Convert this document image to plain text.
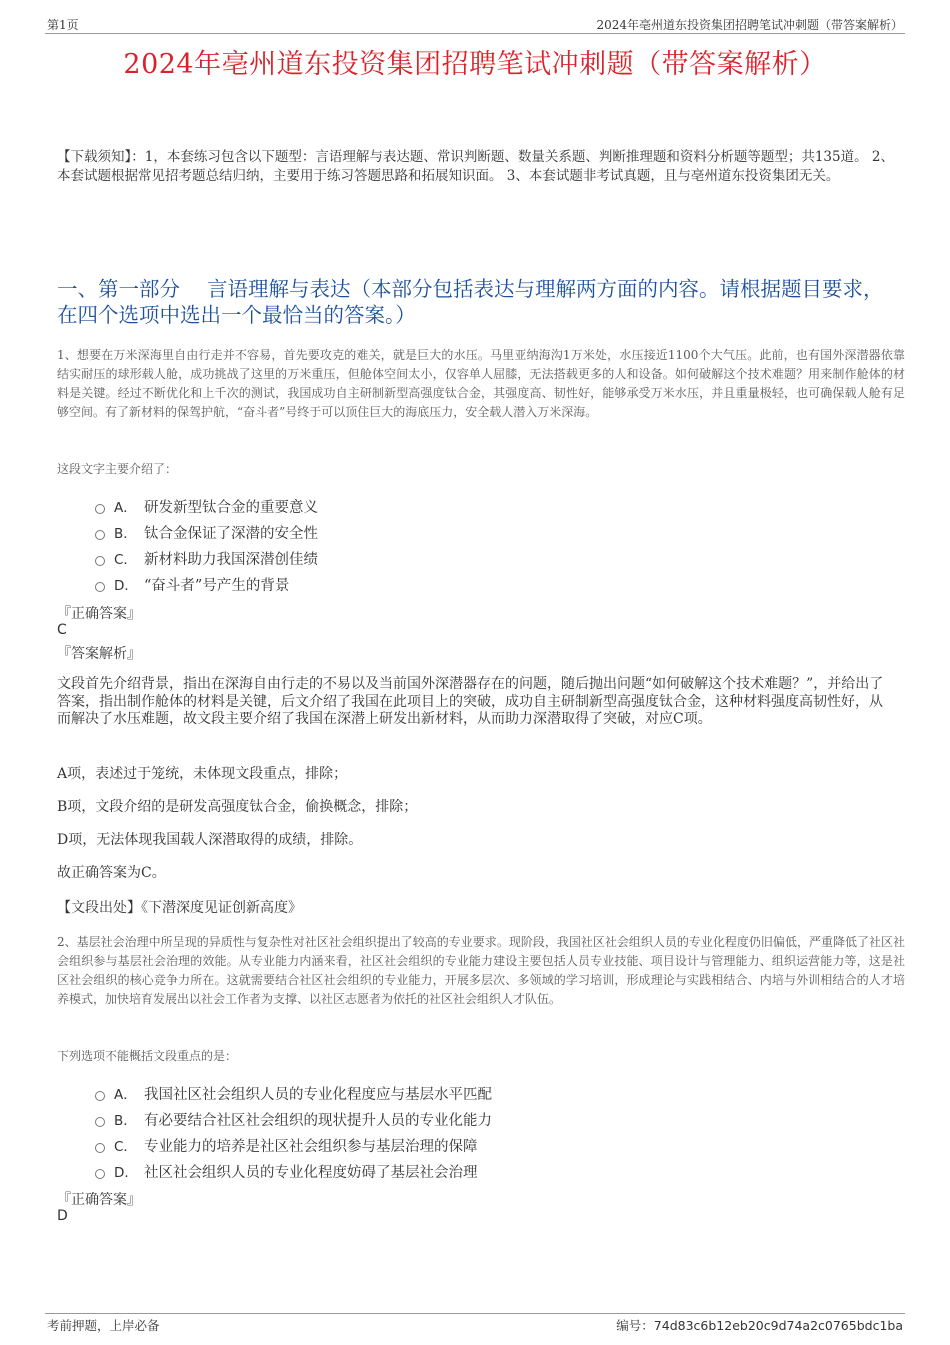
第1页	2024年亳州道东投资集团招聘笔试冲刺题（带答案解析）
2024年亳州道东投资集团招聘笔试冲刺题（带答案解析）
【下载须知】：1，本套练习包含以下题型：言语理解与表达题、常识判断题、数量关系题、判断推理题和资料分析题等题型；共135道。 2、本套试题根据常见招考题总结归纳，主要用于练习答题思路和拓展知识面。 3、本套试题非考试真题，且与亳州道东投资集团无关。
一、第一部分　 言语理解与表达（本部分包括表达与理解两方面的内容。请根据题目要求，在四个选项中选出一个最恰当的答案。）
1、想要在万米深海里自由行走并不容易，首先要攻克的难关，就是巨大的水压。马里亚纳海沟1万米处，水压接近1100个大气压。此前，也有国外深潜器依靠结实耐压的球形载人舱，成功挑战了这里的万米重压，但舱体空间太小，仅容单人屈膝，无法搭载更多的人和设备。如何破解这个技术难题？用来制作舱体的材料是关键。经过不断优化和上千次的测试，我国成功自主研制新型高强度钛合金，其强度高、韧性好，能够承受万米水压，并且重量极轻，也可确保载人舱有足够空间。有了新材料的保驾护航，“奋斗者”号终于可以顶住巨大的海底压力，安全载人潜入万米深海。
这段文字主要介绍了：
A． 研发新型钛合金的重要意义
B． 钛合金保证了深潜的安全性
C． 新材料助力我国深潜创佳绩
D． “奋斗者”号产生的背景
『正确答案』
C
『答案解析』
文段首先介绍背景，指出在深海自由行走的不易以及当前国外深潜器存在的问题，随后抛出问题“如何破解这个技术难题？”，并给出了答案，指出制作舱体的材料是关键，后文介绍了我国在此项目上的突破，成功自主研制新型高强度钛合金，这种材料强度高韧性好，从而解决了水压难题，故文段主要介绍了我国在深潜上研发出新材料，从而助力深潜取得了突破，对应C项。
A项，表述过于笼统，未体现文段重点，排除；
B项，文段介绍的是研发高强度钛合金，偷换概念，排除；
D项，无法体现我国载人深潜取得的成绩，排除。
故正确答案为C。
【文段出处】《下潜深度见证创新高度》
2、基层社会治理中所呈现的异质性与复杂性对社区社会组织提出了较高的专业要求。现阶段，我国社区社会组织人员的专业化程度仍旧偏低，严重降低了社区社会组织参与基层社会治理的效能。从专业能力内涵来看，社区社会组织的专业能力建设主要包括人员专业技能、项目设计与管理能力、组织运营能力等，这是社区社会组织的核心竞争力所在。这就需要结合社区社会组织的专业能力，开展多层次、多领域的学习培训，形成理论与实践相结合、内培与外训相结合的人才培养模式，加快培育发展出以社会工作者为支撑、以社区志愿者为依托的社区社会组织人才队伍。
下列选项不能概括文段重点的是：
A． 我国社区社会组织人员的专业化程度应与基层水平匹配
B． 有必要结合社区社会组织的现状提升人员的专业化能力
C． 专业能力的培养是社区社会组织参与基层治理的保障
D． 社区社会组织人员的专业化程度妨碍了基层社会治理
『正确答案』
D
考前押题，上岸必备	编号：74d83c6b12eb20c9d74a2c0765bdc1ba
